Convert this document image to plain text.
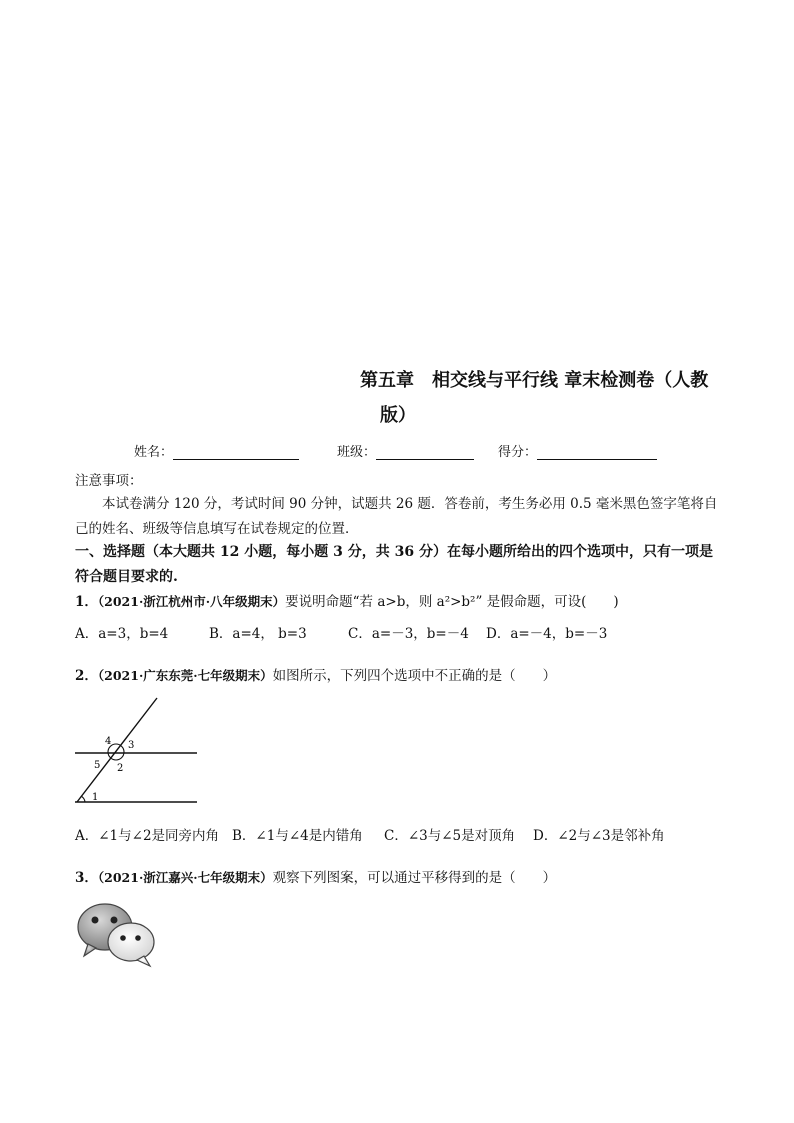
第五章　相交线与平行线 章末检测卷（人教
版）
姓名：	班级：	得分：
注意事项：
本试卷满分 120 分，考试时间 90 分钟，试题共 26 题．答卷前，考生务必用 0.5 毫米黑色签字笔将自己的姓名、班级等信息填写在试卷规定的位置．
一、选择题（本大题共 12 小题，每小题 3 分，共 36 分）在每小题所给出的四个选项中，只有一项是符合题目要求的.
1．（2021·浙江杭州市·八年级期末）要说明命题“若 a>b，则 a²>b²” 是假命题，可设(　　)
A．a=3，b=4	B．a=4， b=3	C．a=－3，b=－4 D．a=－4，b=－3
2．（2021·广东东莞·七年级期末）如图所示，下列四个选项中不正确的是（　　）
4 3
5 2
1
A．∠1与∠2是同旁内角 B．∠1与∠4是内错角 C．∠3与∠5是对顶角 D．∠2与∠3是邻补角
3．（2021·浙江嘉兴·七年级期末）观察下列图案，可以通过平移得到的是（　　）
